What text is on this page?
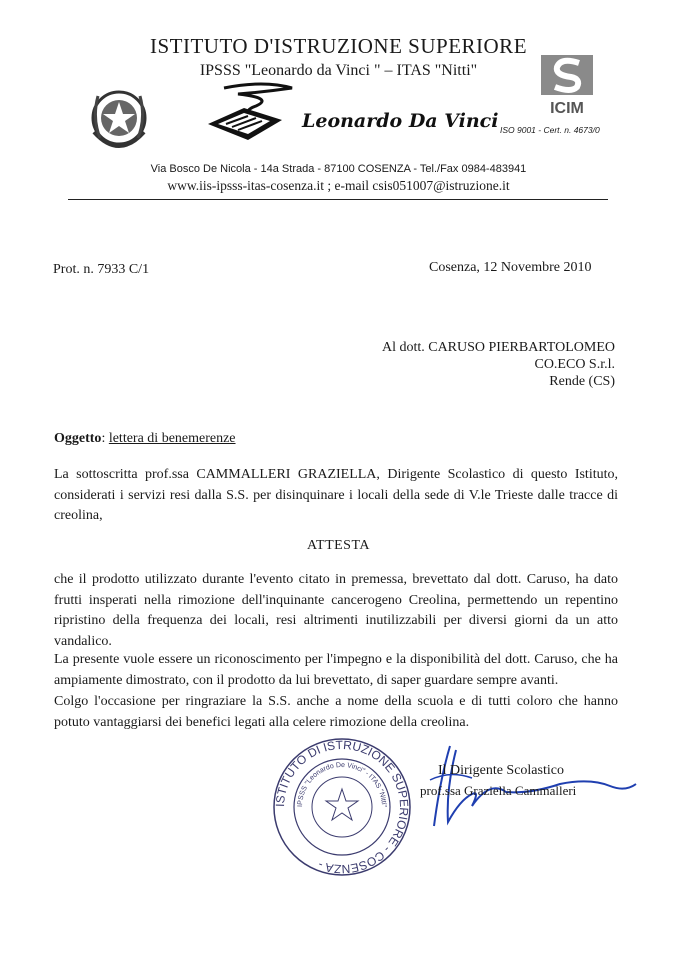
ISTITUTO D'ISTRUZIONE SUPERIORE
IPSSS "Leonardo da Vinci " – ITAS "Nitti"
Leonardo Da Vinci
ICIM
ISO 9001 - Cert. n. 4673/0
Via Bosco De Nicola - 14a Strada - 87100 COSENZA - Tel./Fax 0984-483941
www.iis-ipsss-itas-cosenza.it ; e-mail csis051007@istruzione.it
Prot. n. 7933 C/1	Cosenza, 12 Novembre 2010
Al dott. CARUSO PIERBARTOLOMEO
CO.ECO S.r.l.
Rende (CS)
Oggetto: lettera di benemerenze

La sottoscritta prof.ssa CAMMALLERI GRAZIELLA, Dirigente Scolastico di questo Istituto, considerati i servizi resi dalla S.S. per disinquinare i locali della sede di V.le Trieste dalle tracce di creolina,

ATTESTA

che il prodotto utilizzato durante l'evento citato in premessa, brevettato dal dott. Caruso, ha dato frutti insperati nella rimozione dell'inquinante cancerogeno Creolina, permettendo un repentino ripristino della frequenza dei locali, resi altrimenti inutilizzabili per diversi giorni da un atto vandalico.

La presente vuole essere un riconoscimento per l'impegno e la disponibilità del dott. Caruso, che ha ampiamente dimostrato, con il prodotto da lui brevettato, di saper guardare sempre avanti.

Colgo l'occasione per ringraziare la S.S. anche a nome della scuola e di tutti coloro che hanno potuto vantaggiarsi dei benefici legati alla celere rimozione della creolina.

ISTITUTO DI ISTRUZIONE SUPERIORE - COSENZA -
IPSSS "Leonardo De Vinci" - ITAS "Nitti"
Il Dirigente Scolastico
prof.ssa Graziella Cammalleri
